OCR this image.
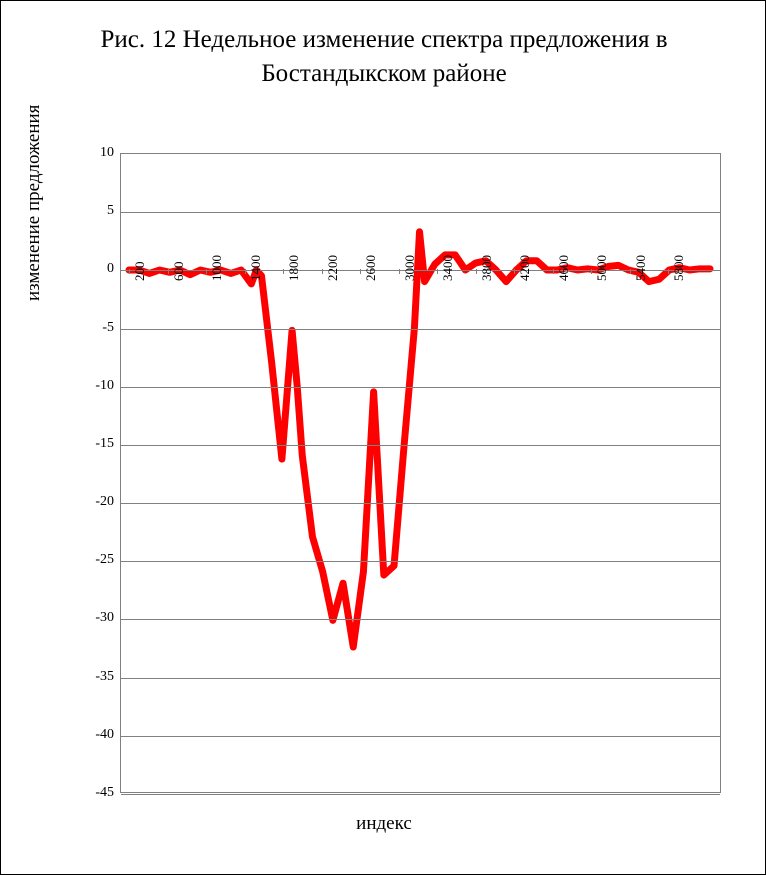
Рис. 12 Недельное изменение спектра предложения в Бостандыкском районе
изменение предложения
индекс
10
5
0
-5
-10
-15
-20
-25
-30
-35
-40
-45
200 600 1000 1400 1800 2200 2600 3000 3400 3800 4200 4600 5000 5400 5800
